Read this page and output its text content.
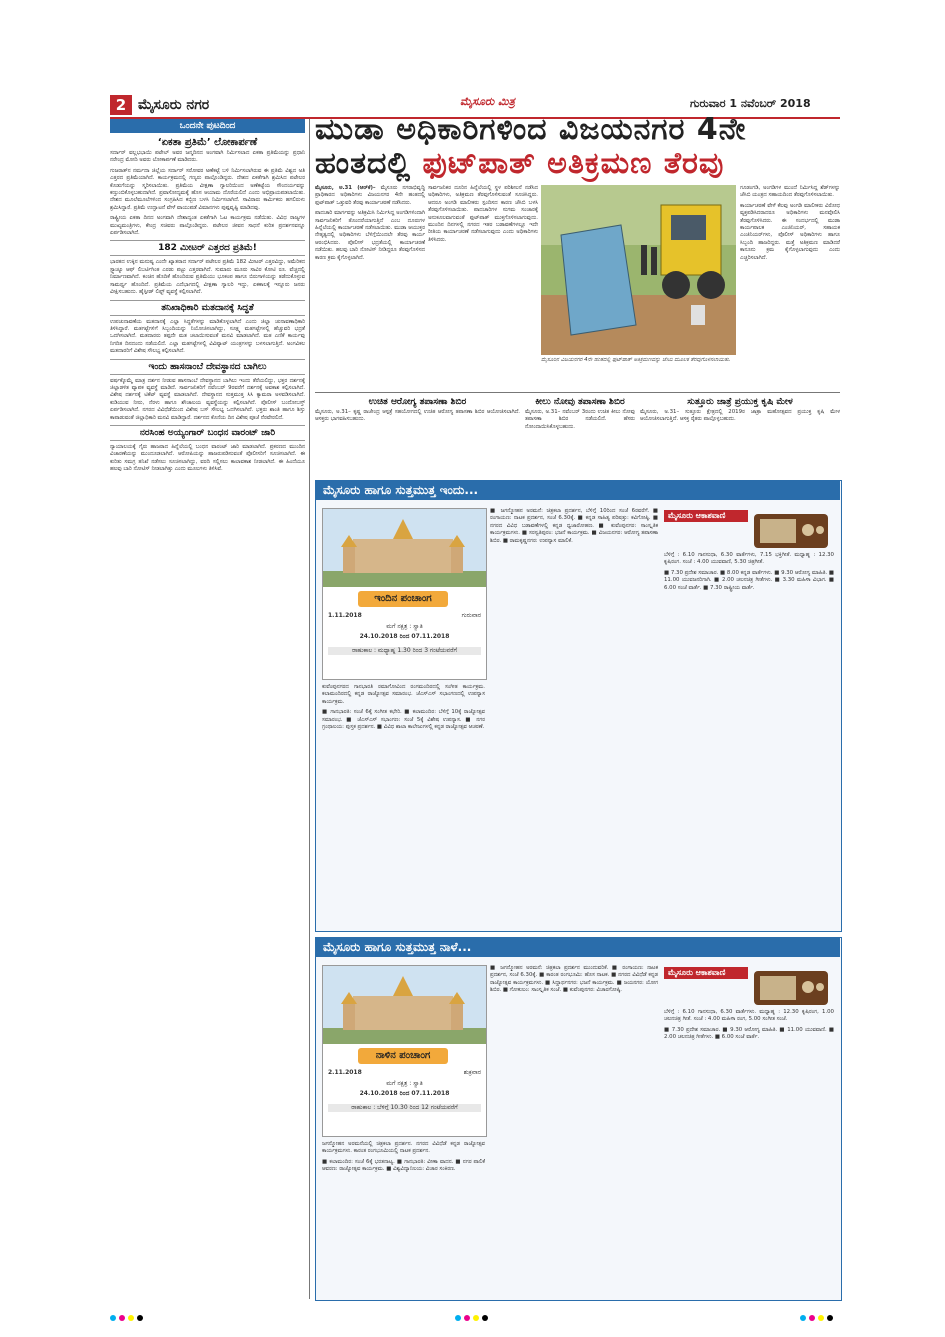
2 ಮೈಸೂರು ನಗರ	ಮೈಸೂರು ಮಿತ್ರ	ಗುರುವಾರ 1 ನವೆಂಬರ್ 2018
ಒಂದನೇ ಪುಟದಿಂದ
‘ಏಕತಾ ಪ್ರತಿಮೆ’ ಲೋಕಾರ್ಪಣೆ

ಸರ್ದಾರ್ ವಲ್ಲಭಭಾಯಿ ಪಟೇಲ್ ಅವರ ಜನ್ಮದಿನದ ಅಂಗವಾಗಿ ನಿರ್ಮಿಸಲಾದ ಏಕತಾ ಪ್ರತಿಮೆಯನ್ನು ಪ್ರಧಾನಿ ನರೇಂದ್ರ ಮೋದಿ ಅವರು ಲೋಕಾರ್ಪಣೆ ಮಾಡಿದರು.

ಗುಜರಾತ್‌ನ ನರ್ಮದಾ ಜಿಲ್ಲೆಯ ಸರ್ದಾರ್ ಸರೋವರ ಅಣೆಕಟ್ಟೆ ಬಳಿ ನಿರ್ಮಿಸಲಾಗಿರುವ ಈ ಪ್ರತಿಮೆ ವಿಶ್ವದ ಅತಿ ಎತ್ತರದ ಪ್ರತಿಮೆಯಾಗಿದೆ. ಕಾರ್ಯಕ್ರಮದಲ್ಲಿ ಗಣ್ಯರು ಪಾಲ್ಗೊಂಡಿದ್ದರು. ದೇಶದ ಏಕತೆಗಾಗಿ ಶ್ರಮಿಸಿದ ಪಟೇಲರ ಕೊಡುಗೆಯನ್ನು ಸ್ಮರಿಸಲಾಯಿತು. ಪ್ರತಿಮೆಯ ವೀಕ್ಷಣಾ ಗ್ಯಾಲರಿಯಿಂದ ಅಣೆಕಟ್ಟೆಯ ಸೌಂದರ್ಯವನ್ನು ಕಣ್ತುಂಬಿಕೊಳ್ಳಬಹುದಾಗಿದೆ. ಪ್ರವಾಸೋದ್ಯಮಕ್ಕೆ ಹೊಸ ಆಯಾಮ ದೊರೆಯಲಿದೆ ಎಂದು ಅಭಿಪ್ರಾಯಪಡಲಾಯಿತು. ದೇಶದ ಮೂಲೆಮೂಲೆಗಳಿಂದ ಸಂಗ್ರಹಿಸಿದ ಕಬ್ಬಿಣ ಬಳಸಿ ನಿರ್ಮಿಸಲಾಗಿದೆ. ಸಾವಿರಾರು ಕಾರ್ಮಿಕರು ಹಗಲಿರುಳು ಶ್ರಮಿಸಿದ್ದಾರೆ. ಪ್ರತಿಮೆ ಉದ್ಘಾಟನೆ ವೇಳೆ ವಾಯುಪಡೆ ವಿಮಾನಗಳು ಪುಷ್ಪವೃಷ್ಟಿ ಮಾಡಿದವು.

ರಾಷ್ಟ್ರೀಯ ಏಕತಾ ದಿನದ ಅಂಗವಾಗಿ ದೇಶಾದ್ಯಂತ ಏಕತೆಗಾಗಿ ಓಟ ಕಾರ್ಯಕ್ರಮ ನಡೆಯಿತು. ವಿವಿಧ ರಾಜ್ಯಗಳ ಮುಖ್ಯಮಂತ್ರಿಗಳು, ಕೇಂದ್ರ ಸಚಿವರು ಪಾಲ್ಗೊಂಡಿದ್ದರು. ಪಟೇಲರ ಜೀವನ ಸಾಧನೆ ಕುರಿತ ಪ್ರದರ್ಶನವನ್ನೂ ಏರ್ಪಡಿಸಲಾಗಿದೆ.

182 ಮೀಟರ್ ಎತ್ತರದ ಪ್ರತಿಮೆ!

ಭಾರತದ ಉಕ್ಕಿನ ಮನುಷ್ಯ ಎಂದೇ ಖ್ಯಾತರಾದ ಸರ್ದಾರ್ ಪಟೇಲರ ಪ್ರತಿಮೆ 182 ಮೀಟರ್ ಎತ್ತರವಿದ್ದು, ಅಮೆರಿಕದ ಸ್ಟ್ಯಾಚ್ಯೂ ಆಫ್ ಲಿಬರ್ಟಿಗಿಂತ ಎರಡು ಪಟ್ಟು ಎತ್ತರವಾಗಿದೆ. ಸುಮಾರು ಮೂರು ಸಾವಿರ ಕೋಟಿ ರೂ. ವೆಚ್ಚದಲ್ಲಿ ನಿರ್ಮಾಣವಾಗಿದೆ. ಕಂಚಿನ ಹೊದಿಕೆ ಹೊಂದಿರುವ ಪ್ರತಿಮೆಯು ಭೂಕಂಪ ಹಾಗೂ ಬಿರುಗಾಳಿಯನ್ನು ತಡೆದುಕೊಳ್ಳುವ ಸಾಮರ್ಥ್ಯ ಹೊಂದಿದೆ. ಪ್ರತಿಮೆಯ ಎದೆಭಾಗದಲ್ಲಿ ವೀಕ್ಷಣಾ ಗ್ಯಾಲರಿ ಇದ್ದು, ಏಕಕಾಲಕ್ಕೆ ಇನ್ನೂರು ಜನರು ವೀಕ್ಷಿಸಬಹುದು. ಹೈಸ್ಪೀಡ್ ಲಿಫ್ಟ್ ವ್ಯವಸ್ಥೆ ಕಲ್ಪಿಸಲಾಗಿದೆ.

ತನಿಖಾಧಿಕಾರಿ ಮತದಾನಕ್ಕೆ ಸಿದ್ಧತೆ

ಉಪಚುನಾವಣೆಯ ಮತದಾನಕ್ಕೆ ಎಲ್ಲಾ ಸಿದ್ಧತೆಗಳನ್ನು ಮಾಡಿಕೊಳ್ಳಲಾಗಿದೆ ಎಂದು ಜಿಲ್ಲಾ ಚುನಾವಣಾಧಿಕಾರಿ ತಿಳಿಸಿದ್ದಾರೆ. ಮತಗಟ್ಟೆಗಳಿಗೆ ಸಿಬ್ಬಂದಿಯನ್ನು ನಿಯೋಜಿಸಲಾಗಿದ್ದು, ಸೂಕ್ಷ್ಮ ಮತಗಟ್ಟೆಗಳಲ್ಲಿ ಹೆಚ್ಚುವರಿ ಭದ್ರತೆ ಒದಗಿಸಲಾಗಿದೆ. ಮತದಾರರು ತಪ್ಪದೇ ಮತ ಚಲಾಯಿಸುವಂತೆ ಮನವಿ ಮಾಡಲಾಗಿದೆ. ಮತ ಎಣಿಕೆ ಕಾರ್ಯವು ನಿಗದಿತ ದಿನದಂದು ನಡೆಯಲಿದೆ. ಎಲ್ಲಾ ಮತಗಟ್ಟೆಗಳಲ್ಲಿ ವಿವಿಪ್ಯಾಟ್ ಯಂತ್ರಗಳನ್ನು ಬಳಸಲಾಗುತ್ತಿದೆ. ಅಂಗವಿಕಲ ಮತದಾರರಿಗೆ ವಿಶೇಷ ಸೌಲಭ್ಯ ಕಲ್ಪಿಸಲಾಗಿದೆ.

ಇಂದು ಹಾಸನಾಂಬೆ ದೇವಸ್ಥಾನದ ಬಾಗಿಲು

ವರ್ಷಕ್ಕೊಮ್ಮೆ ಮಾತ್ರ ದರ್ಶನ ನೀಡುವ ಹಾಸನಾಂಬೆ ದೇವಸ್ಥಾನದ ಬಾಗಿಲು ಇಂದು ತೆರೆಯಲಿದ್ದು, ಭಕ್ತರ ದರ್ಶನಕ್ಕೆ ಜಿಲ್ಲಾಡಳಿತ ವ್ಯಾಪಕ ವ್ಯವಸ್ಥೆ ಮಾಡಿದೆ. ಸಾರ್ವಜನಿಕರಿಗೆ ನವೆಂಬರ್ 9ರವರೆಗೆ ದರ್ಶನಕ್ಕೆ ಅವಕಾಶ ಕಲ್ಪಿಸಲಾಗಿದೆ. ವಿಶೇಷ ದರ್ಶನಕ್ಕೆ ಟಿಕೆಟ್ ವ್ಯವಸ್ಥೆ ಮಾಡಲಾಗಿದೆ. ದೇವಸ್ಥಾನದ ಸುತ್ತಮುತ್ತ ಸಿಸಿ ಕ್ಯಾಮರಾ ಅಳವಡಿಸಲಾಗಿದೆ. ಕುಡಿಯುವ ನೀರು, ನೆರಳು ಹಾಗೂ ಶೌಚಾಲಯ ವ್ಯವಸ್ಥೆಯನ್ನು ಕಲ್ಪಿಸಲಾಗಿದೆ. ಪೊಲೀಸ್ ಬಂದೋಬಸ್ತ್ ಏರ್ಪಡಿಸಲಾಗಿದೆ. ನಗರದ ವಿವಿಧೆಡೆಯಿಂದ ವಿಶೇಷ ಬಸ್ ಸೌಲಭ್ಯ ಒದಗಿಸಲಾಗಿದೆ. ಭಕ್ತರು ಶಾಂತಿ ಹಾಗೂ ಶಿಸ್ತು ಕಾಪಾಡುವಂತೆ ಜಿಲ್ಲಾಧಿಕಾರಿ ಮನವಿ ಮಾಡಿದ್ದಾರೆ. ದರ್ಶನದ ಕೊನೆಯ ದಿನ ವಿಶೇಷ ಪೂಜೆ ನೆರವೇರಲಿದೆ.

ನರಸಿಂಹ ಅಯ್ಯಂಗಾರ್ ಬಂಧನ ವಾರಂಟ್ ಜಾರಿ

ನ್ಯಾಯಾಲಯಕ್ಕೆ ಗೈರು ಹಾಜರಾದ ಹಿನ್ನೆಲೆಯಲ್ಲಿ ಬಂಧನ ವಾರಂಟ್ ಜಾರಿ ಮಾಡಲಾಗಿದೆ. ಪ್ರಕರಣದ ಮುಂದಿನ ವಿಚಾರಣೆಯನ್ನು ಮುಂದೂಡಲಾಗಿದೆ. ಆರೋಪಿಯನ್ನು ಹಾಜರುಪಡಿಸುವಂತೆ ಪೊಲೀಸರಿಗೆ ಸೂಚಿಸಲಾಗಿದೆ. ಈ ಕುರಿತು ಸಮಗ್ರ ತನಿಖೆ ನಡೆಸಲು ಸೂಚಿಸಲಾಗಿದ್ದು, ವರದಿ ಸಲ್ಲಿಸಲು ಕಾಲಾವಕಾಶ ನೀಡಲಾಗಿದೆ. ಈ ಹಿಂದೆಯೂ ಹಲವು ಬಾರಿ ನೋಟಿಸ್ ನೀಡಲಾಗಿತ್ತು ಎಂದು ಮೂಲಗಳು ತಿಳಿಸಿವೆ.

ಮುಡಾ ಅಧಿಕಾರಿಗಳಿಂದ ವಿಜಯನಗರ 4ನೇ
ಹಂತದಲ್ಲಿ ಫುಟ್‌ಪಾತ್ ಅತಿಕ್ರಮಣ ತೆರವು

ಮೈಸೂರು, ಅ.31 (ಆರ್‌ಕೆ)– ಮೈಸೂರು ನಗರಾಭಿವೃದ್ಧಿ ಪ್ರಾಧಿಕಾರದ ಅಧಿಕಾರಿಗಳು ವಿಜಯನಗರ 4ನೇ ಹಂತದಲ್ಲಿ ಫುಟ್‌ಪಾತ್ ಒತ್ತುವರಿ ತೆರವು ಕಾರ್ಯಾಚರಣೆ ನಡೆಸಿದರು.

ಪಾದಚಾರಿ ಮಾರ್ಗವನ್ನು ಅತಿಕ್ರಮಿಸಿ ನಿರ್ಮಿಸಿದ್ದ ಅಂಗಡಿಗಳಿಂದಾಗಿ ಸಾರ್ವಜನಿಕರಿಗೆ ತೊಂದರೆಯಾಗುತ್ತಿದೆ ಎಂಬ ದೂರುಗಳ ಹಿನ್ನೆಲೆಯಲ್ಲಿ ಕಾರ್ಯಾಚರಣೆ ನಡೆಸಲಾಯಿತು. ಮುಡಾ ಆಯುಕ್ತರ ನೇತೃತ್ವದಲ್ಲಿ ಅಧಿಕಾರಿಗಳು ಬೆಳಿಗ್ಗೆಯಿಂದಲೇ ತೆರವು ಕಾರ್ಯ ಆರಂಭಿಸಿದರು. ಪೊಲೀಸ್ ಭದ್ರತೆಯಲ್ಲಿ ಕಾರ್ಯಾಚರಣೆ ನಡೆಯಿತು. ಹಲವು ಬಾರಿ ನೋಟಿಸ್ ನೀಡಿದ್ದರೂ ತೆರವುಗೊಳಿಸದ ಕಾರಣ ಕ್ರಮ ಕೈಗೊಳ್ಳಲಾಗಿದೆ.

ಸಾರ್ವಜನಿಕರ ದೂರಿನ ಹಿನ್ನೆಲೆಯಲ್ಲಿ ಸ್ಥಳ ಪರಿಶೀಲನೆ ನಡೆಸಿದ ಅಧಿಕಾರಿಗಳು, ಅತಿಕ್ರಮಣ ತೆರವುಗೊಳಿಸುವಂತೆ ಸೂಚಿಸಿದ್ದರು. ಆದರೂ ಅಂಗಡಿ ಮಾಲೀಕರು ಸ್ಪಂದಿಸದ ಕಾರಣ ಜೆಸಿಬಿ ಬಳಸಿ ತೆರವುಗೊಳಿಸಲಾಯಿತು. ಪಾದಚಾರಿಗಳ ಸುಗಮ ಸಂಚಾರಕ್ಕೆ ಅನುಕೂಲವಾಗುವಂತೆ ಫುಟ್‌ಪಾತ್ ಮುಕ್ತಗೊಳಿಸಲಾಗುವುದು. ಮುಂದಿನ ದಿನಗಳಲ್ಲಿ ನಗರದ ಇತರ ಬಡಾವಣೆಗಳಲ್ಲೂ ಇದೇ ರೀತಿಯ ಕಾರ್ಯಾಚರಣೆ ನಡೆಸಲಾಗುವುದು ಎಂದು ಅಧಿಕಾರಿಗಳು ತಿಳಿಸಿದರು.

ಗೂಡಂಗಡಿ, ಅಂಗಡಿಗಳ ಮುಂದೆ ನಿರ್ಮಿಸಿದ್ದ ಶೆಡ್‌ಗಳನ್ನು ಜೆಸಿಬಿ ಯಂತ್ರದ ಸಹಾಯದಿಂದ ತೆರವುಗೊಳಿಸಲಾಯಿತು.

ಕಾರ್ಯಾಚರಣೆ ವೇಳೆ ಕೆಲವು ಅಂಗಡಿ ಮಾಲೀಕರು ವಿರೋಧ ವ್ಯಕ್ತಪಡಿಸಿದರಾದರೂ ಅಧಿಕಾರಿಗಳು ಮನವೊಲಿಸಿ ತೆರವುಗೊಳಿಸಿದರು. ಈ ಸಂದರ್ಭದಲ್ಲಿ ಮುಡಾ ಕಾರ್ಯಪಾಲಕ ಎಂಜಿನಿಯರ್, ಸಹಾಯಕ ಎಂಜಿನಿಯರ್‌ಗಳು, ಪೊಲೀಸ್ ಅಧಿಕಾರಿಗಳು ಹಾಗೂ ಸಿಬ್ಬಂದಿ ಹಾಜರಿದ್ದರು. ಮತ್ತೆ ಅತಿಕ್ರಮಣ ಮಾಡಿದರೆ ಕಾನೂನು ಕ್ರಮ ಕೈಗೊಳ್ಳಲಾಗುವುದು ಎಂದು ಎಚ್ಚರಿಸಲಾಗಿದೆ.

ಮೈಸೂರಿನ ವಿಜಯನಗರ 4ನೇ ಹಂತದಲ್ಲಿ ಫುಟ್‌ಪಾತ್ ಅತಿಕ್ರಮಣವನ್ನು ಜೆಸಿಬಿ ಮೂಲಕ ತೆರವುಗೊಳಿಸಲಾಯಿತು.
ಉಚಿತ ಆರೋಗ್ಯ ತಪಾಸಣಾ ಶಿಬಿರ

ಮೈಸೂರು, ಅ.31– ಕೃಷ್ಣ ರಾಜೇಂದ್ರ ಆಸ್ಪತ್ರೆ ಸಹಯೋಗದಲ್ಲಿ ಉಚಿತ ಆರೋಗ್ಯ ತಪಾಸಣಾ ಶಿಬಿರ ಆಯೋಜಿಸಲಾಗಿದೆ. ಆಸಕ್ತರು ಭಾಗವಹಿಸಬಹುದು.

ಕೀಲು ನೋವು ತಪಾಸಣಾ ಶಿಬಿರ

ಮೈಸೂರು, ಅ.31– ನವೆಂಬರ್ 3ರಂದು ಉಚಿತ ಕೀಲು ನೋವು ತಪಾಸಣಾ ಶಿಬಿರ ನಡೆಯಲಿದೆ. ಹೆಸರು ನೋಂದಾಯಿಸಿಕೊಳ್ಳಬಹುದು.

ಸುತ್ತೂರು ಜಾತ್ರೆ ಪ್ರಯುಕ್ತ ಕೃಷಿ ಮೇಳ

ಮೈಸೂರು, ಅ.31– ಸುತ್ತೂರು ಕ್ಷೇತ್ರದಲ್ಲಿ 2019ರ ಜಾತ್ರಾ ಮಹೋತ್ಸವದ ಪ್ರಯುಕ್ತ ಕೃಷಿ ಮೇಳ ಆಯೋಜಿಸಲಾಗುತ್ತಿದೆ. ಆಸಕ್ತ ರೈತರು ಪಾಲ್ಗೊಳ್ಳಬಹುದು.

ಮೈಸೂರು ಹಾಗೂ ಸುತ್ತಮುತ್ತ ಇಂದು...
ಇಂದಿನ ಪಂಚಾಂಗ
1.11.2018	ಗುರುವಾರ
ಮಗೆ ನಕ್ಷತ್ರ : ಸ್ವಾತಿ
24.10.2018 ರಿಂದ 07.11.2018
ರಾಹುಕಾಲ : ಮಧ್ಯಾಹ್ನ 1.30 ರಿಂದ 3 ಗಂಟೆಯವರೆಗೆ

ಕುವೆಂಪುನಗರದ ಗಾನಭಾರತಿ ರಮಾಗೋವಿಂದ ರಂಗಮಂದಿರದಲ್ಲಿ ಸಂಗೀತ ಕಾರ್ಯಕ್ರಮ. ಕಲಾಮಂದಿರದಲ್ಲಿ ಕನ್ನಡ ರಾಜ್ಯೋತ್ಸವ ಸಮಾರಂಭ. ಜೆಎಸ್‌ಎಸ್ ಸಭಾಂಗಣದಲ್ಲಿ ಉಪನ್ಯಾಸ ಕಾರ್ಯಕ್ರಮ.

■ ಗಾನಭಾರತಿ: ಸಂಜೆ 6ಕ್ಕೆ ಸಂಗೀತ ಕಛೇರಿ. ■ ಕಲಾಮಂದಿರ: ಬೆಳಿಗ್ಗೆ 10ಕ್ಕೆ ರಾಜ್ಯೋತ್ಸವ ಸಮಾರಂಭ. ■ ಜೆಎಸ್‌ಎಸ್ ಸಭಾಂಗಣ: ಸಂಜೆ 5ಕ್ಕೆ ವಿಶೇಷ ಉಪನ್ಯಾಸ. ■ ನಗರ ಗ್ರಂಥಾಲಯ: ಪುಸ್ತಕ ಪ್ರದರ್ಶನ. ■ ವಿವಿಧ ಶಾಲಾ ಕಾಲೇಜುಗಳಲ್ಲಿ ಕನ್ನಡ ರಾಜ್ಯೋತ್ಸವ ಆಚರಣೆ.

■ ಜಗನ್ಮೋಹನ ಅರಮನೆ: ಚಿತ್ರಕಲಾ ಪ್ರದರ್ಶನ, ಬೆಳಿಗ್ಗೆ 10ರಿಂದ ಸಂಜೆ 6ರವರೆಗೆ. ■ ರಂಗಾಯಣ: ನಾಟಕ ಪ್ರದರ್ಶನ, ಸಂಜೆ 6.30ಕ್ಕೆ. ■ ಕನ್ನಡ ಸಾಹಿತ್ಯ ಪರಿಷತ್ತು: ಕವಿಗೋಷ್ಠಿ. ■ ನಗರದ ವಿವಿಧ ಬಡಾವಣೆಗಳಲ್ಲಿ ಕನ್ನಡ ಧ್ವಜಾರೋಹಣ. ■ ಕುವೆಂಪುನಗರ: ಸಾಂಸ್ಕೃತಿಕ ಕಾರ್ಯಕ್ರಮಗಳು. ■ ಸರಸ್ವತಿಪುರಂ: ಭಜನೆ ಕಾರ್ಯಕ್ರಮ. ■ ವಿಜಯನಗರ: ಆರೋಗ್ಯ ತಪಾಸಣಾ ಶಿಬಿರ. ■ ರಾಮಕೃಷ್ಣನಗರ: ಉಪನ್ಯಾಸ ಮಾಲಿಕೆ.

ಮೈಸೂರು ಆಕಾಶವಾಣಿ

ಬೆಳಿಗ್ಗೆ : 6.10 ಗಾನಸುಧಾ, 6.30 ವಾರ್ತೆಗಳು, 7.15 ಭಕ್ತಿಗೀತೆ. ಮಧ್ಯಾಹ್ನ : 12.30 ಕೃಷಿರಂಗ. ಸಂಜೆ : 4.00 ಯುವವಾಣಿ, 5.30 ಚಿತ್ರಗೀತೆ.

■ 7.30 ಪ್ರದೇಶ ಸಮಾಚಾರ. ■ 8.00 ಕನ್ನಡ ವಾರ್ತೆಗಳು. ■ 9.30 ಆರೋಗ್ಯ ಮಾಹಿತಿ. ■ 11.00 ಯುವಜನರಿಗಾಗಿ. ■ 2.00 ಚಲನಚಿತ್ರ ಗೀತೆಗಳು. ■ 3.30 ಮಹಿಳಾ ವಿಭಾಗ. ■ 6.00 ಸಂಜೆ ವಾರ್ತೆ. ■ 7.30 ರಾಷ್ಟ್ರೀಯ ವಾರ್ತೆ.

ಮೈಸೂರು ಹಾಗೂ ಸುತ್ತಮುತ್ತ ನಾಳೆ...
ನಾಳಿನ ಪಂಚಾಂಗ
2.11.2018	ಶುಕ್ರವಾರ
ಮಗೆ ನಕ್ಷತ್ರ : ಸ್ವಾತಿ
24.10.2018 ರಿಂದ 07.11.2018
ರಾಹುಕಾಲ : ಬೆಳಿಗ್ಗೆ 10.30 ರಿಂದ 12 ಗಂಟೆಯವರೆಗೆ

ಜಗನ್ಮೋಹನ ಅರಮನೆಯಲ್ಲಿ ಚಿತ್ರಕಲಾ ಪ್ರದರ್ಶನ. ನಗರದ ವಿವಿಧೆಡೆ ಕನ್ನಡ ರಾಜ್ಯೋತ್ಸವ ಕಾರ್ಯಕ್ರಮಗಳು. ಕಾರಂತ ರಂಗಭೂಮಿಯಲ್ಲಿ ನಾಟಕ ಪ್ರದರ್ಶನ.

■ ಕಲಾಮಂದಿರ: ಸಂಜೆ 6ಕ್ಕೆ ಭರತನಾಟ್ಯ. ■ ಗಾನಭಾರತಿ: ವೀಣಾ ವಾದನ. ■ ನಗರ ಪಾಲಿಕೆ ಆವರಣ: ರಾಜ್ಯೋತ್ಸವ ಕಾರ್ಯಕ್ರಮ. ■ ವಿಶ್ವವಿದ್ಯಾನಿಲಯ: ವಿಚಾರ ಸಂಕಿರಣ.

■ ಜಗನ್ಮೋಹನ ಅರಮನೆ: ಚಿತ್ರಕಲಾ ಪ್ರದರ್ಶನ ಮುಂದುವರಿಕೆ. ■ ರಂಗಾಯಣ: ನಾಟಕ ಪ್ರದರ್ಶನ, ಸಂಜೆ 6.30ಕ್ಕೆ. ■ ಕಾರಂತ ರಂಗಭೂಮಿ: ಹೊಸ ನಾಟಕ. ■ ನಗರದ ವಿವಿಧೆಡೆ ಕನ್ನಡ ರಾಜ್ಯೋತ್ಸವ ಕಾರ್ಯಕ್ರಮಗಳು. ■ ಸಿದ್ದಾರ್ಥನಗರ: ಭಜನೆ ಕಾರ್ಯಕ್ರಮ. ■ ಜಯನಗರ: ಯೋಗ ಶಿಬಿರ. ■ ಗೋಕುಲಂ: ಸಾಂಸ್ಕೃತಿಕ ಸಂಜೆ. ■ ಕುವೆಂಪುನಗರ: ವಿಚಾರಗೋಷ್ಠಿ.

ಮೈಸೂರು ಆಕಾಶವಾಣಿ

ಬೆಳಿಗ್ಗೆ : 6.10 ಗಾನಸುಧಾ, 6.30 ವಾರ್ತೆಗಳು. ಮಧ್ಯಾಹ್ನ : 12.30 ಕೃಷಿರಂಗ, 1.00 ಚಲನಚಿತ್ರ ಗೀತೆ. ಸಂಜೆ : 4.00 ಮಹಿಳಾ ರಂಗ, 5.00 ಸಂಗೀತ ಸಂಜೆ.

■ 7.30 ಪ್ರದೇಶ ಸಮಾಚಾರ. ■ 9.30 ಆರೋಗ್ಯ ಮಾಹಿತಿ. ■ 11.00 ಯುವವಾಣಿ. ■ 2.00 ಚಲನಚಿತ್ರ ಗೀತೆಗಳು. ■ 6.00 ಸಂಜೆ ವಾರ್ತೆ.
